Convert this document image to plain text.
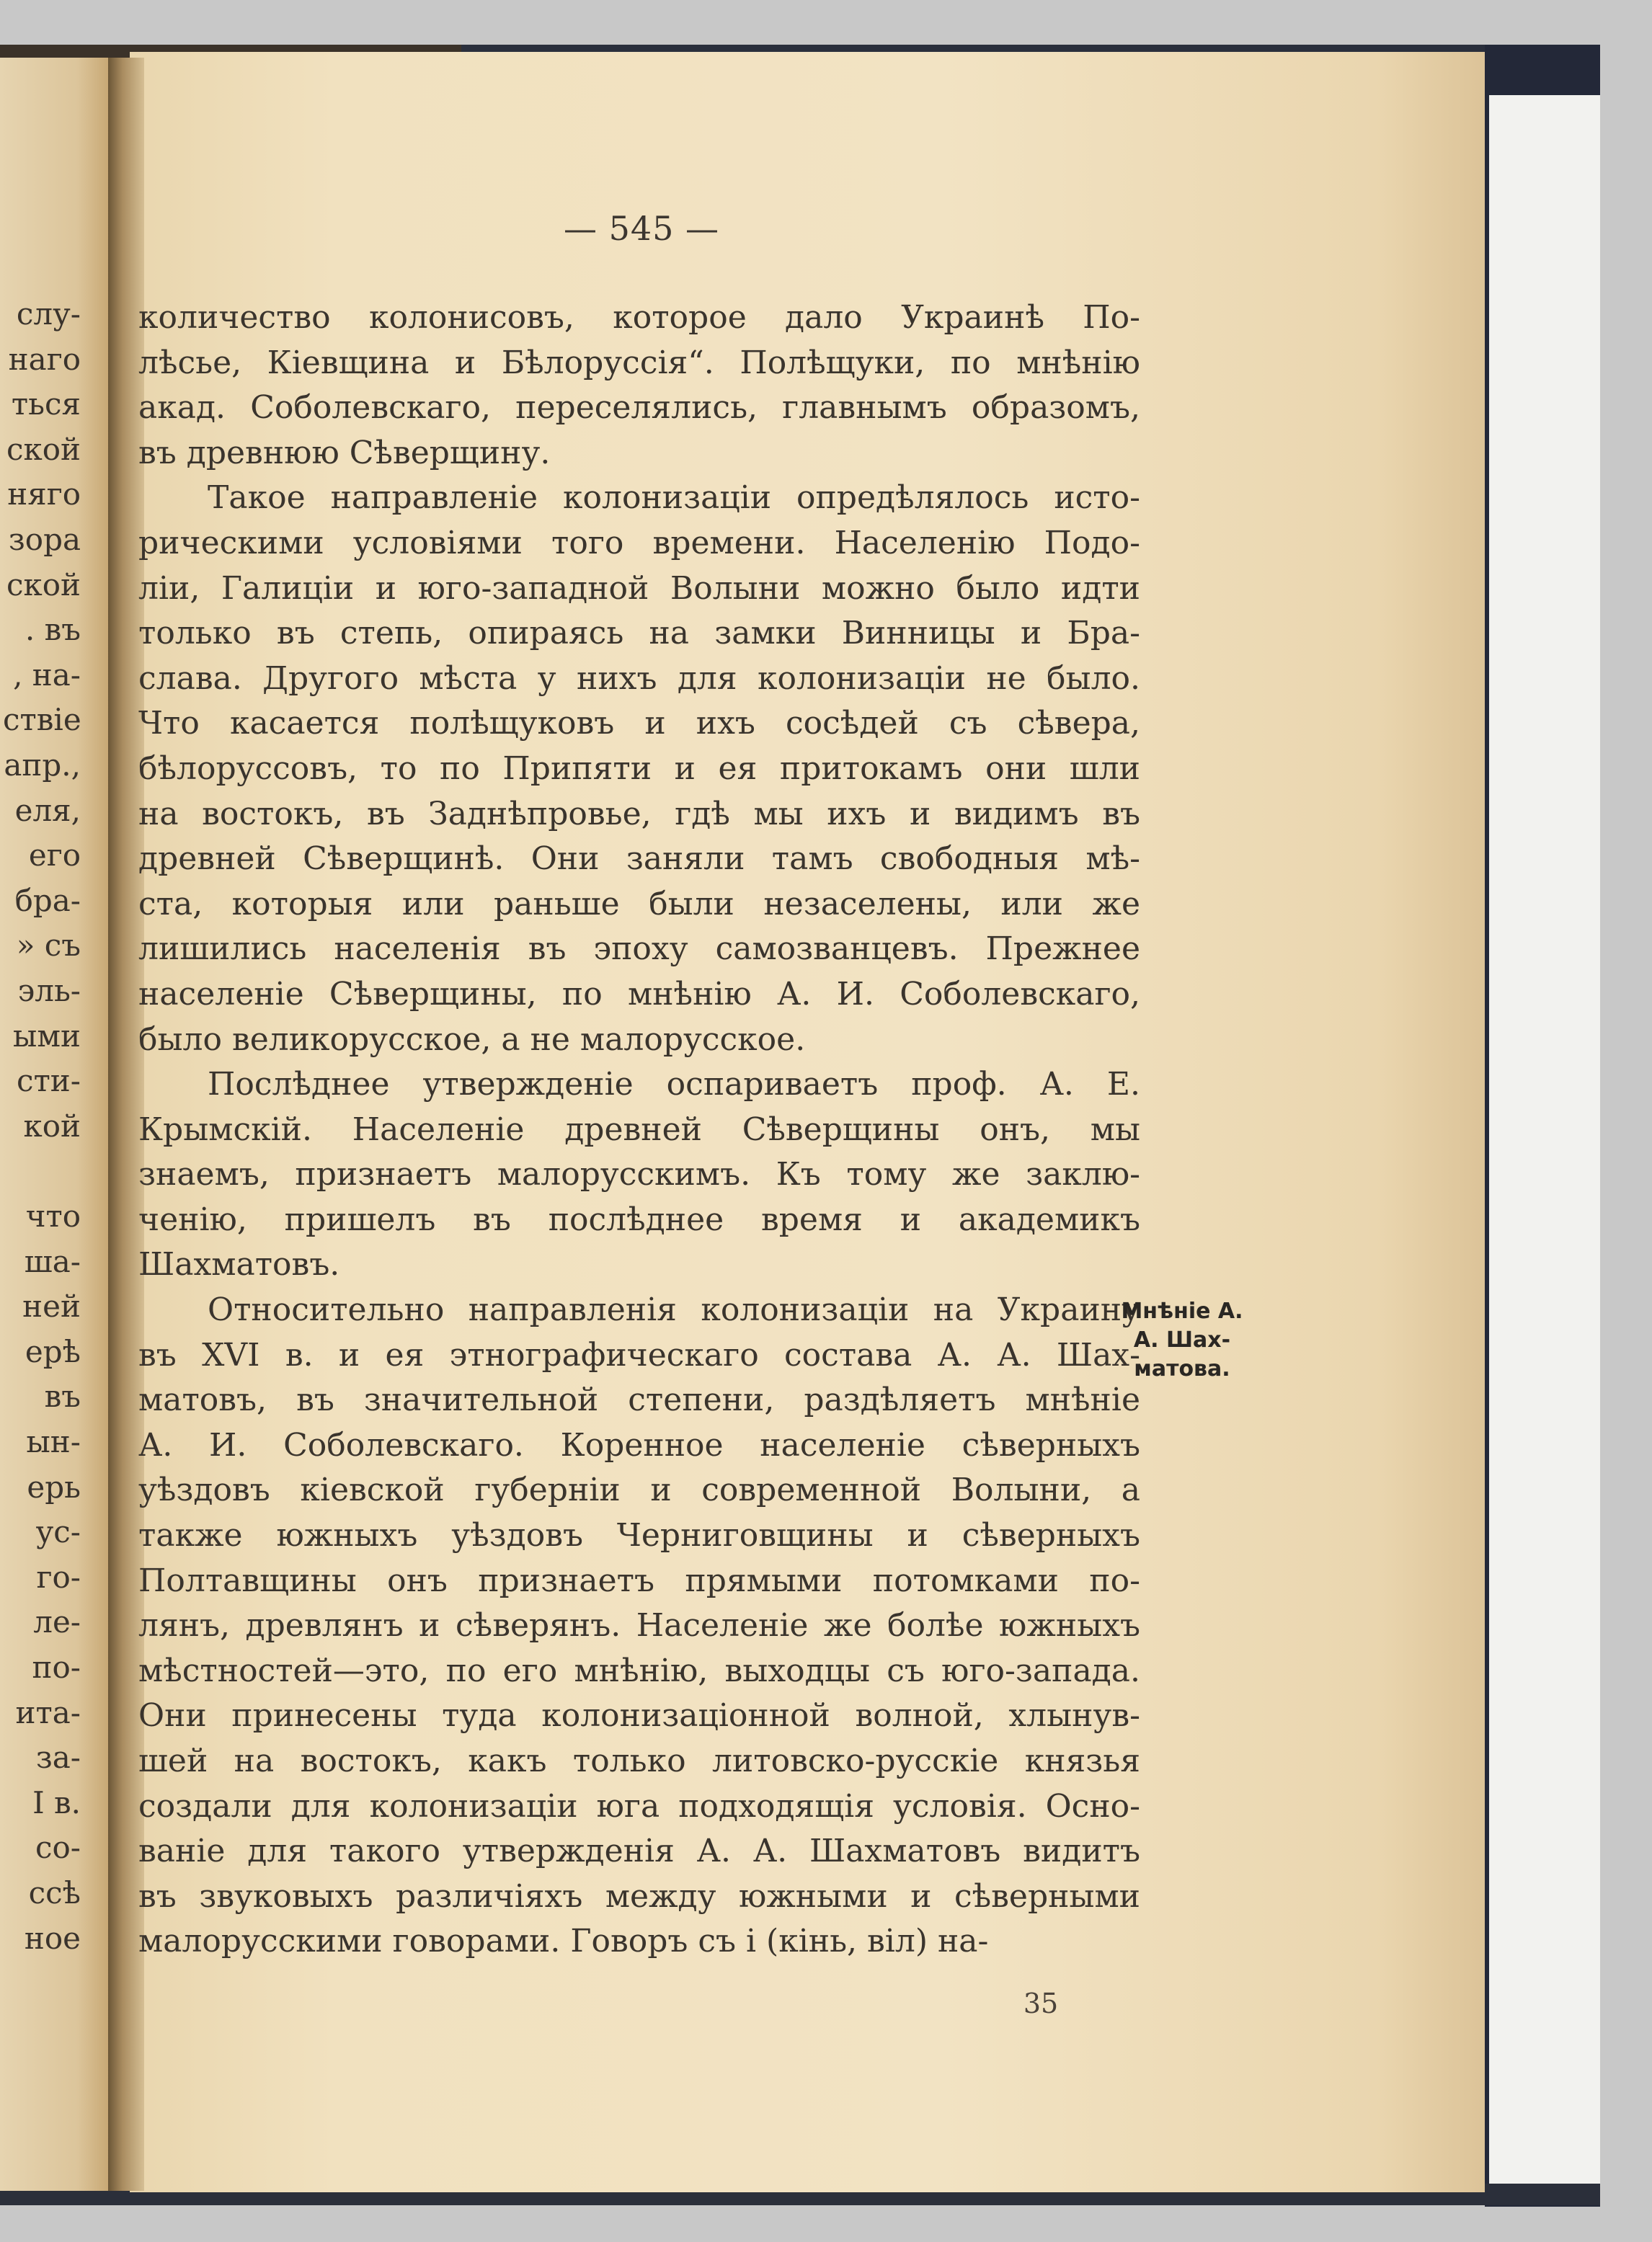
слу-
наго
ться
ской
няго
зора
ской
. въ
, на-
ствіе
апр.,
еля,
его
бра-
» съ
эль-
ыми
сти-
кой
что
ша-
ней
ерѣ
въ
ын-
ерь
ус-
го-
ле-
по-
ита-
за-
І в.
со-
ссѣ
ное
— 545 —
количество колонисовъ, которое дало Украинѣ По-
лѣсье, Кіевщина и Бѣлоруссія“. Полѣщуки, по мнѣнію
акад. Соболевскаго, переселялись, главнымъ образомъ,
въ древнюю Сѣверщину.
Такое направленіе колонизаціи опредѣлялось исто-
рическими условіями того времени. Населенію Подо-
ліи, Галиціи и юго-западной Волыни можно было идти
только въ степь, опираясь на замки Винницы и Бра-
слава. Другого мѣста у нихъ для колонизаціи не было.
Что касается полѣщуковъ и ихъ сосѣдей съ сѣвера,
бѣлоруссовъ, то по Припяти и ея притокамъ они шли
на востокъ, въ Заднѣпровье, гдѣ мы ихъ и видимъ въ
древней Сѣверщинѣ. Они заняли тамъ свободныя мѣ-
ста, которыя или раньше были незаселены, или же
лишились населенія въ эпоху самозванцевъ. Прежнее
населеніе Сѣверщины, по мнѣнію А. И. Соболевскаго,
было великорусское, а не малорусское.
Послѣднее утвержденіе оспариваетъ проф. А. Е.
Крымскій. Населеніе древней Сѣверщины онъ, мы
знаемъ, признаетъ малорусскимъ. Къ тому же заклю-
ченію, пришелъ въ послѣднее время и академикъ
Шахматовъ.
Относительно направленія колонизаціи на Украину
въ XVI в. и ея этнографическаго состава А. А. Шах-
матовъ, въ значительной степени, раздѣляетъ мнѣніе
А. И. Соболевскаго. Коренное населеніе сѣверныхъ
уѣздовъ кіевской губерніи и современной Волыни, а
также южныхъ уѣздовъ Черниговщины и сѣверныхъ
Полтавщины онъ признаетъ прямыми потомками по-
лянъ, древлянъ и сѣверянъ. Населеніе же болѣе южныхъ
мѣстностей—это, по его мнѣнію, выходцы съ юго-запада.
Они принесены туда колонизаціонной волной, хлынув-
шей на востокъ, какъ только литовско-русскіе князья
создали для колонизаціи юга подходящія условія. Осно-
ваніе для такого утвержденія А. А. Шахматовъ видитъ
въ звуковыхъ различіяхъ между южными и сѣверными
малорусскими говорами. Говоръ съ і (кінь, віл) на-
Мнѣніе А. А. Шах-матова.
35
